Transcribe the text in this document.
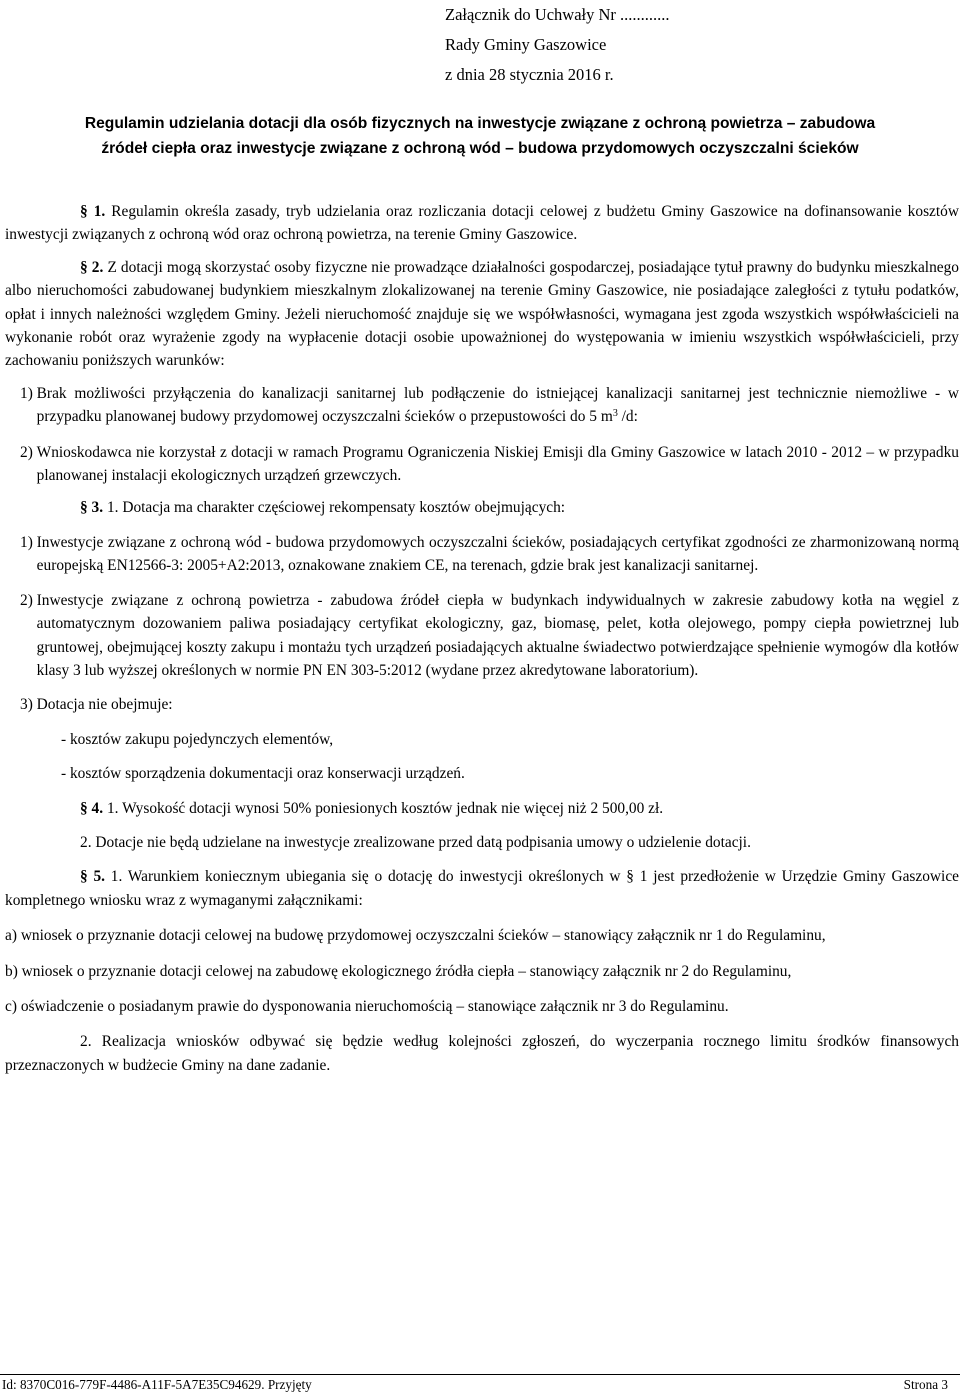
Załącznik do Uchwały Nr ............
Rady Gminy Gaszowice
z dnia 28 stycznia 2016 r.
Regulamin udzielania dotacji dla osób fizycznych na inwestycje związane z ochroną powietrza – zabudowa
źródeł ciepła oraz inwestycje związane z ochroną wód – budowa przydomowych oczyszczalni ścieków

§ 1. Regulamin określa zasady, tryb udzielania oraz rozliczania dotacji celowej z budżetu Gminy Gaszowice na dofinansowanie kosztów inwestycji związanych z ochroną wód oraz ochroną powietrza, na terenie Gminy Gaszowice.

§ 2. Z dotacji mogą skorzystać osoby fizyczne nie prowadzące działalności gospodarczej, posiadające tytuł prawny do budynku mieszkalnego albo nieruchomości zabudowanej budynkiem mieszkalnym zlokalizowanej na terenie Gminy Gaszowice, nie posiadające zaległości z tytułu podatków, opłat i innych należności względem Gminy. Jeżeli nieruchomość znajduje się we współwłasności, wymagana jest zgoda wszystkich współwłaścicieli na wykonanie robót oraz wyrażenie zgody na wypłacenie dotacji osobie upoważnionej do występowania w imieniu wszystkich współwłaścicieli, przy zachowaniu poniższych warunków:

1) Brak możliwości przyłączenia do kanalizacji sanitarnej lub podłączenie do istniejącej kanalizacji sanitarnej jest technicznie niemożliwe - w przypadku planowanej budowy przydomowej oczyszczalni ścieków o przepustowości do 5 $m^3$ /d:
2) Wnioskodawca nie korzystał z dotacji w ramach Programu Ograniczenia Niskiej Emisji dla Gminy Gaszowice w latach 2010 - 2012 – w przypadku planowanej instalacji ekologicznych urządzeń grzewczych.

§ 3. 1. Dotacja ma charakter częściowej rekompensaty kosztów obejmujących:

1) Inwestycje związane z ochroną wód - budowa przydomowych oczyszczalni ścieków, posiadających certyfikat zgodności ze zharmonizowaną normą europejską EN12566-3: 2005+A2:2013, oznakowane znakiem CE, na terenach, gdzie brak jest kanalizacji sanitarnej.
2) Inwestycje związane z ochroną powietrza - zabudowa źródeł ciepła w budynkach indywidualnych w zakresie zabudowy kotła na węgiel z automatycznym dozowaniem paliwa posiadający certyfikat ekologiczny, gaz, biomasę, pelet, kotła olejowego, pompy ciepła powietrznej lub gruntowej, obejmującej koszty zakupu i montażu tych urządzeń posiadających aktualne świadectwo potwierdzające spełnienie wymogów dla kotłów klasy 3 lub wyższej określonych w normie PN EN 303-5:2012 (wydane przez akredytowane laboratorium).
3) Dotacja nie obejmuje:

- kosztów zakupu pojedynczych elementów,

- kosztów sporządzenia dokumentacji oraz konserwacji urządzeń.

§ 4. 1. Wysokość dotacji wynosi 50% poniesionych kosztów jednak nie więcej niż 2 500,00 zł.

2. Dotacje nie będą udzielane na inwestycje zrealizowane przed datą podpisania umowy o udzielenie dotacji.

§ 5. 1. Warunkiem koniecznym ubiegania się o dotację do inwestycji określonych w § 1 jest przedłożenie w Urzędzie Gminy Gaszowice kompletnego wniosku wraz z wymaganymi załącznikami:

a) wniosek o przyznanie dotacji celowej na budowę przydomowej oczyszczalni ścieków – stanowiący załącznik nr 1 do Regulaminu,
b) wniosek o przyznanie dotacji celowej na zabudowę ekologicznego źródła ciepła – stanowiący załącznik nr 2 do Regulaminu,
c) oświadczenie o posiadanym prawie do dysponowania nieruchomością – stanowiące załącznik nr 3 do Regulaminu.

2. Realizacja wniosków odbywać się będzie według kolejności zgłoszeń, do wyczerpania rocznego limitu środków finansowych przeznaczonych w budżecie Gminy na dane zadanie.

Id: 8370C016-779F-4486-A11F-5A7E35C94629. Przyjęty	Strona 3
